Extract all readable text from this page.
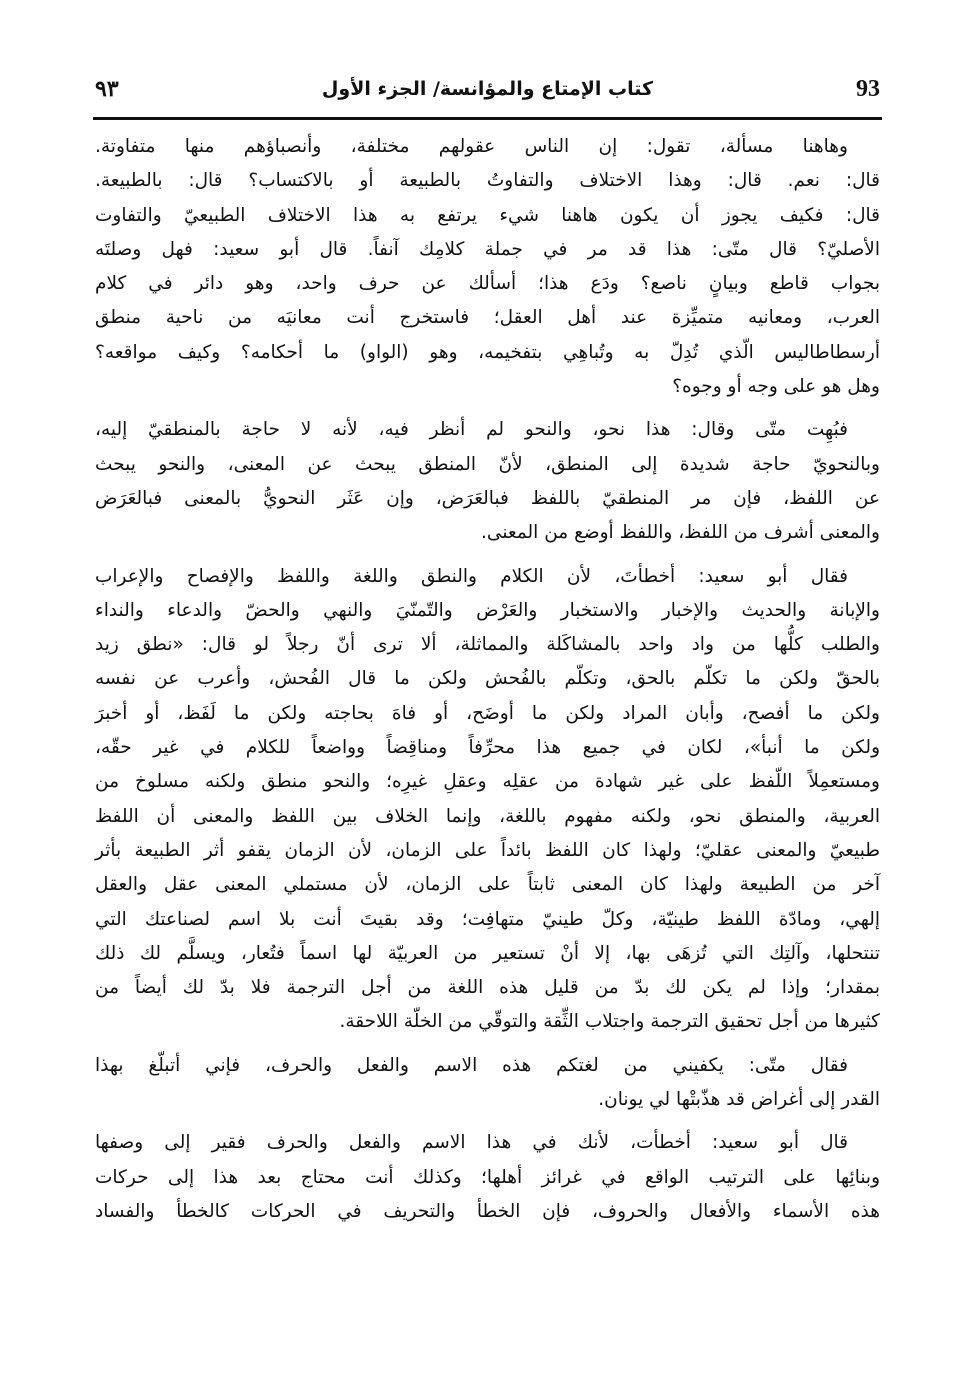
93
كتاب الإمتاع والمؤانسة/ الجزء الأول
٩٣
وهاهنا مسألة، تقول: إن الناس عقولهم مختلفة، وأنصباؤهم منها متفاوتة.
قال: نعم. قال: وهذا الاختلاف والتفاوتُ بالطبيعة أو بالاكتساب؟ قال: بالطبيعة.
قال: فكيف يجوز أن يكون هاهنا شيء يرتفع به هذا الاختلاف الطبيعيّ والتفاوت
الأصليّ؟ قال متّى: هذا قد مر في جملة كلامِك آنفاً. قال أبو سعيد: فهل وصلتَه
بجواب قاطع وبيانٍ ناصع؟ ودَع هذا؛ أسألك عن حرف واحد، وهو دائر في كلام
العرب، ومعانيه متميِّزة عند أهل العقل؛ فاستخرج أنت معانيَه من ناحية منطق
أرسطاطاليس الّذي تُدِلّ به وتُباهِي بتفخيمه، وهو (الواو) ما أحكامه؟ وكيف مواقعه؟
وهل هو على وجه أو وجوه؟
فبُهِت متّى وقال: هذا نحو، والنحو لم أنظر فيه، لأنه لا حاجة بالمنطقيّ إليه،
وبالنحويّ حاجة شديدة إلى المنطق، لأنّ المنطق يبحث عن المعنى، والنحو يبحث
عن اللفظ، فإن مر المنطقيّ باللفظ فبالعَرَض، وإن عَثَر النحويُّ بالمعنى فبالعَرَض
والمعنى أشرف من اللفظ، واللفظ أوضع من المعنى.
فقال أبو سعيد: أخطأتَ، لأن الكلام والنطق واللغة واللفظ والإفصاح والإعراب
والإبانة والحديث والإخبار والاستخبار والعَرْض والتّمنّيَ والنهي والحضّ والدعاء والنداء
والطلب كلُّها من واد واحد بالمشاكَلة والمماثلة، ألا ترى أنّ رجلاً لو قال: «نطق زيد
بالحقّ ولكن ما تكلّم بالحق، وتكلّم بالفُحش ولكن ما قال الفُحش، وأعرب عن نفسه
ولكن ما أفصح، وأبان المراد ولكن ما أوضَح، أو فاهَ بحاجته ولكن ما لَفَظ، أو أخبرَ
ولكن ما أنبأ»، لكان في جميع هذا محرِّفاً ومناقِضاً وواضعاً للكلام في غير حقّه،
ومستعمِلاً اللّفظ على غير شهادة من عقلِه وعقلِ غيرِه؛ والنحو منطق ولكنه مسلوخ من
العربية، والمنطق نحو، ولكنه مفهوم باللغة، وإنما الخلاف بين اللفظ والمعنى أن اللفظ
طبيعيّ والمعنى عقليّ؛ ولهذا كان اللفظ بائداً على الزمان، لأن الزمان يقفو أثر الطبيعة بأثر
آخر من الطبيعة ولهذا كان المعنى ثابتاً على الزمان، لأن مستملي المعنى عقل والعقل
إلهي، ومادّة اللفظ طينيّة، وكلّ طينيّ متهافِت؛ وقد بقيتَ أنت بلا اسم لصناعتك التي
تنتحلها، وآلتِك التي تُزهَى بها، إلا أنْ تستعير من العربيّة لها اسماً فتُعار، ويسلَّم لك ذلك
بمقدار؛ وإذا لم يكن لك بدّ من قليل هذه اللغة من أجل الترجمة فلا بدّ لك أيضاً من
كثيرها من أجل تحقيق الترجمة واجتلاب الثِّقة والتوقّي من الخلّة اللاحقة.
فقال متّى: يكفيني من لغتكم هذه الاسم والفعل والحرف، فإني أتبلّغ بهذا
القدر إلى أغراض قد هذّبتْها لي يونان.
قال أبو سعيد: أخطأت، لأنك في هذا الاسم والفعل والحرف فقير إلى وصفها
وبنائِها على الترتيب الواقع في غرائز أهلها؛ وكذلك أنت محتاج بعد هذا إلى حركات
هذه الأسماء والأفعال والحروف، فإن الخطأ والتحريف في الحركات كالخطأ والفساد
